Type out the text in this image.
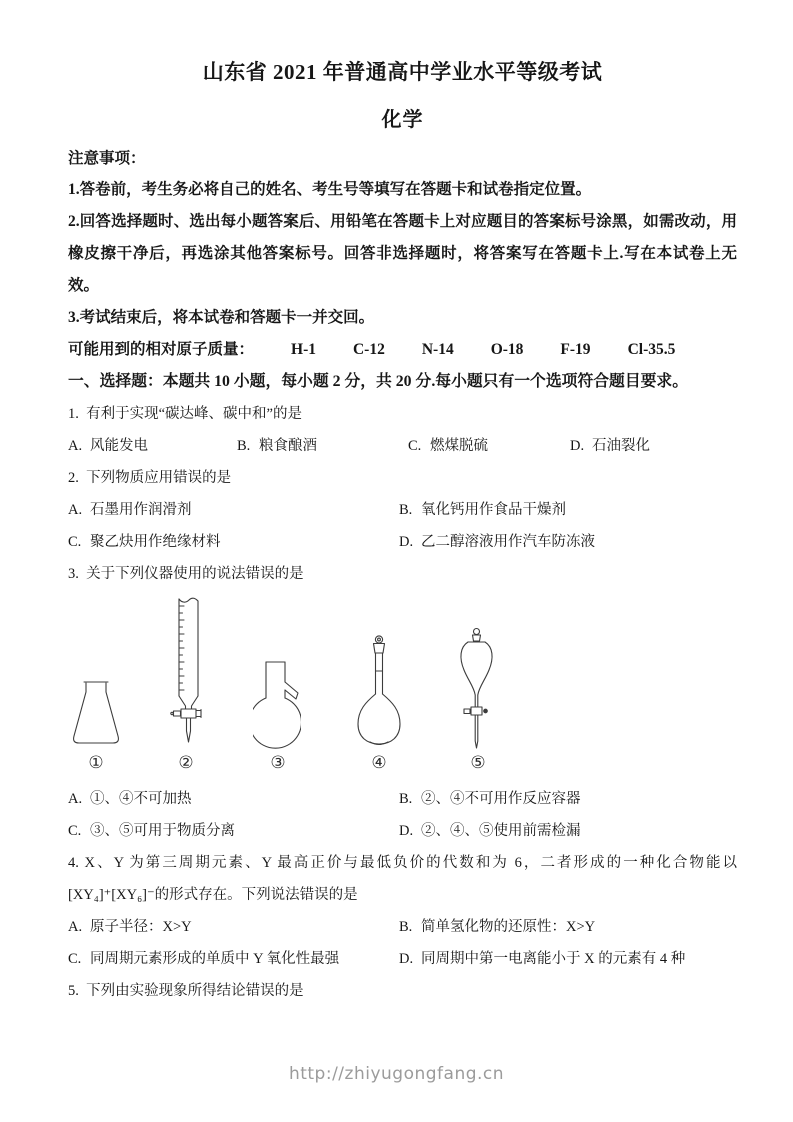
山东省 2021 年普通高中学业水平等级考试
化学
注意事项：
1.答卷前，考生务必将自己的姓名、考生号等填写在答题卡和试卷指定位置。
2.回答选择题时、选出每小题答案后、用铅笔在答题卡上对应题目的答案标号涂黑，如需改动，用橡皮擦干净后，再选涂其他答案标号。回答非选择题时，将答案写在答题卡上.写在本试卷上无效。
3.考试结束后，将本试卷和答题卡一并交回。
可能用到的相对原子质量： H-1 C-12 N-14 O-18 F-19 Cl-35.5
一、选择题：本题共 10 小题，每小题 2 分，共 20 分.每小题只有一个选项符合题目要求。
1.  有利于实现“碳达峰、碳中和”的是
A. 风能发电	B. 粮食酿酒	C. 燃煤脱硫	D. 石油裂化
2.  下列物质应用错误的是
A. 石墨用作润滑剂	B. 氧化钙用作食品干燥剂
C. 聚乙炔用作绝缘材料	D. 乙二醇溶液用作汽车防冻液
3.  关于下列仪器使用的说法错误的是
①	②	③	④	⑤
A. ①、④不可加热	B. ②、④不可用作反应容器
C. ③、⑤可用于物质分离	D. ②、④、⑤使用前需检漏
4. X、Y 为第三周期元素、Y 最高正价与最低负价的代数和为 6，二者形成的一种化合物能以[XY₄]⁺[XY₆]⁻的形式存在。下列说法错误的是
A. 原子半径：X>Y	B. 简单氢化物的还原性：X>Y
C. 同周期元素形成的单质中 Y 氧化性最强	D. 同周期中第一电离能小于 X 的元素有 4 种
5.  下列由实验现象所得结论错误的是
http://zhiyugongfang.cn
